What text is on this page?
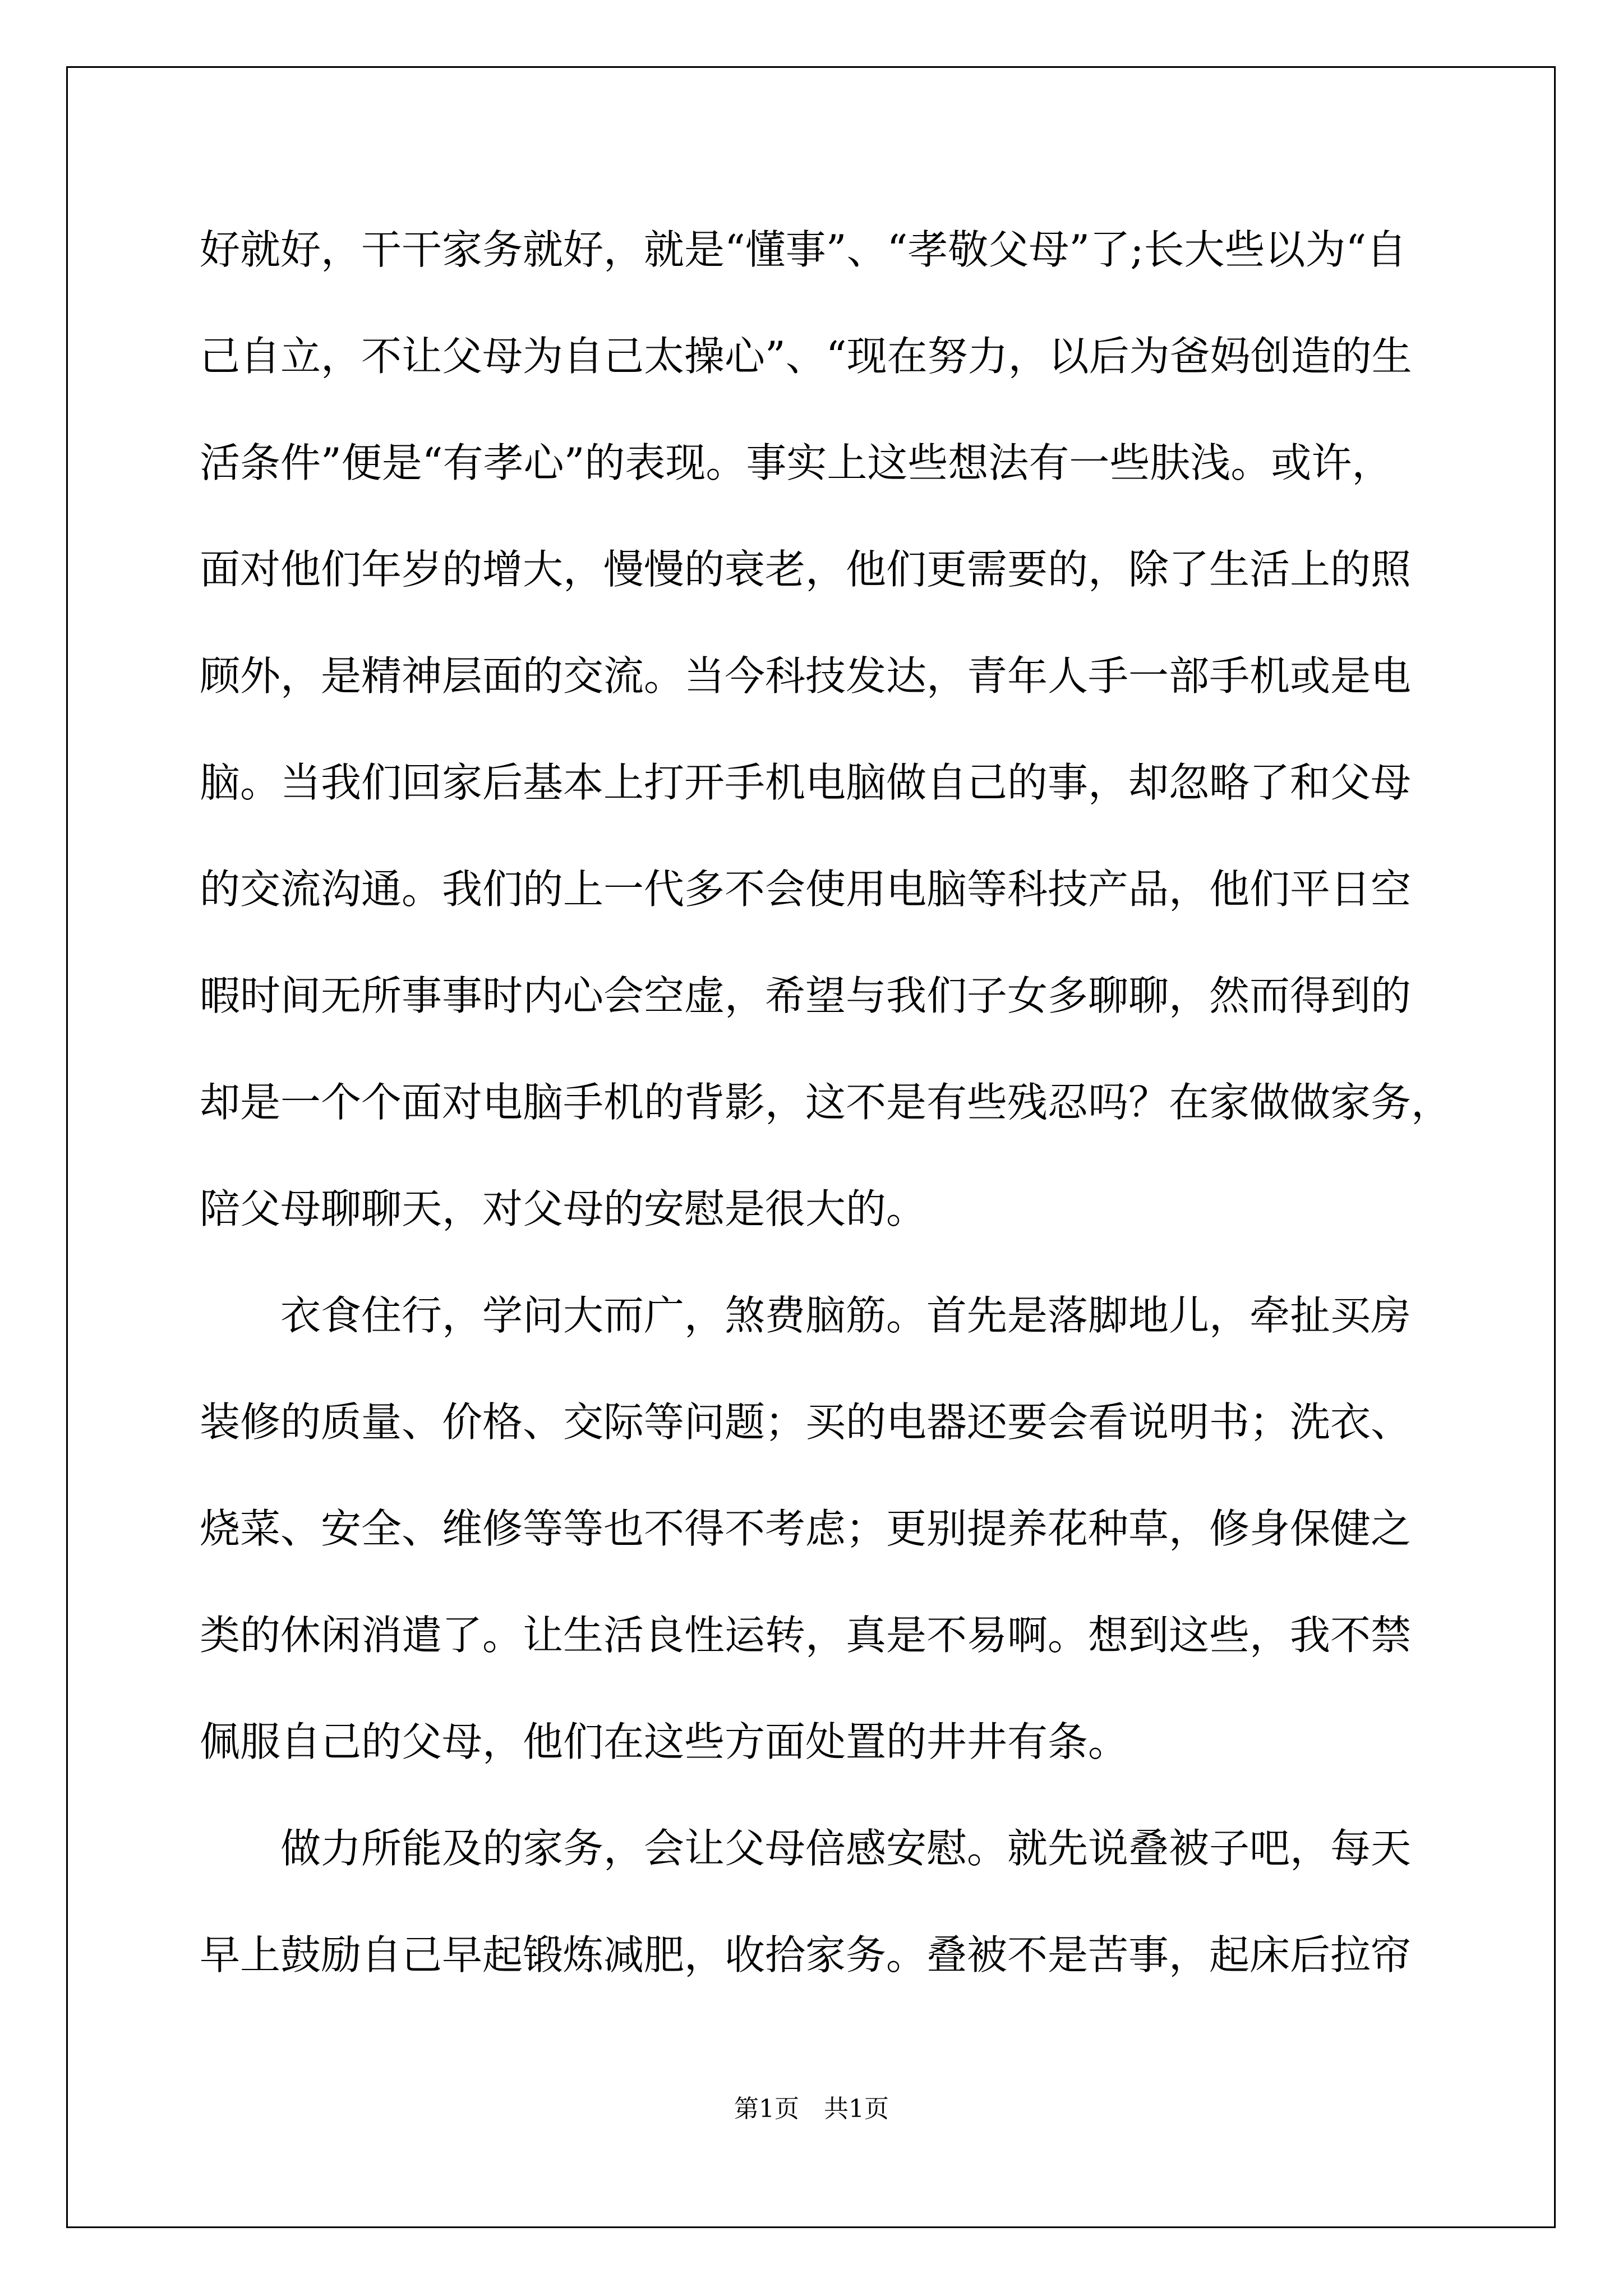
好就好，干干家务就好，就是“懂事”、“孝敬父母”了;长大些以为“自
己自立，不让父母为自己太操心”、“现在努力，以后为爸妈创造的生
活条件”便是“有孝心”的表现。事实上这些想法有一些肤浅。或许，
面对他们年岁的增大，慢慢的衰老，他们更需要的，除了生活上的照
顾外，是精神层面的交流。当今科技发达，青年人手一部手机或是电
脑。当我们回家后基本上打开手机电脑做自己的事，却忽略了和父母
的交流沟通。我们的上一代多不会使用电脑等科技产品，他们平日空
暇时间无所事事时内心会空虚，希望与我们子女多聊聊，然而得到的
却是一个个面对电脑手机的背影，这不是有些残忍吗？在家做做家务，
陪父母聊聊天，对父母的安慰是很大的。
衣食住行，学问大而广，煞费脑筋。首先是落脚地儿，牵扯买房
装修的质量、价格、交际等问题；买的电器还要会看说明书；洗衣、
烧菜、安全、维修等等也不得不考虑；更别提养花种草，修身保健之
类的休闲消遣了。让生活良性运转，真是不易啊。想到这些，我不禁
佩服自己的父母，他们在这些方面处置的井井有条。
做力所能及的家务，会让父母倍感安慰。就先说叠被子吧，每天
早上鼓励自己早起锻炼减肥，收拾家务。叠被不是苦事，起床后拉帘
第1页　共1页
